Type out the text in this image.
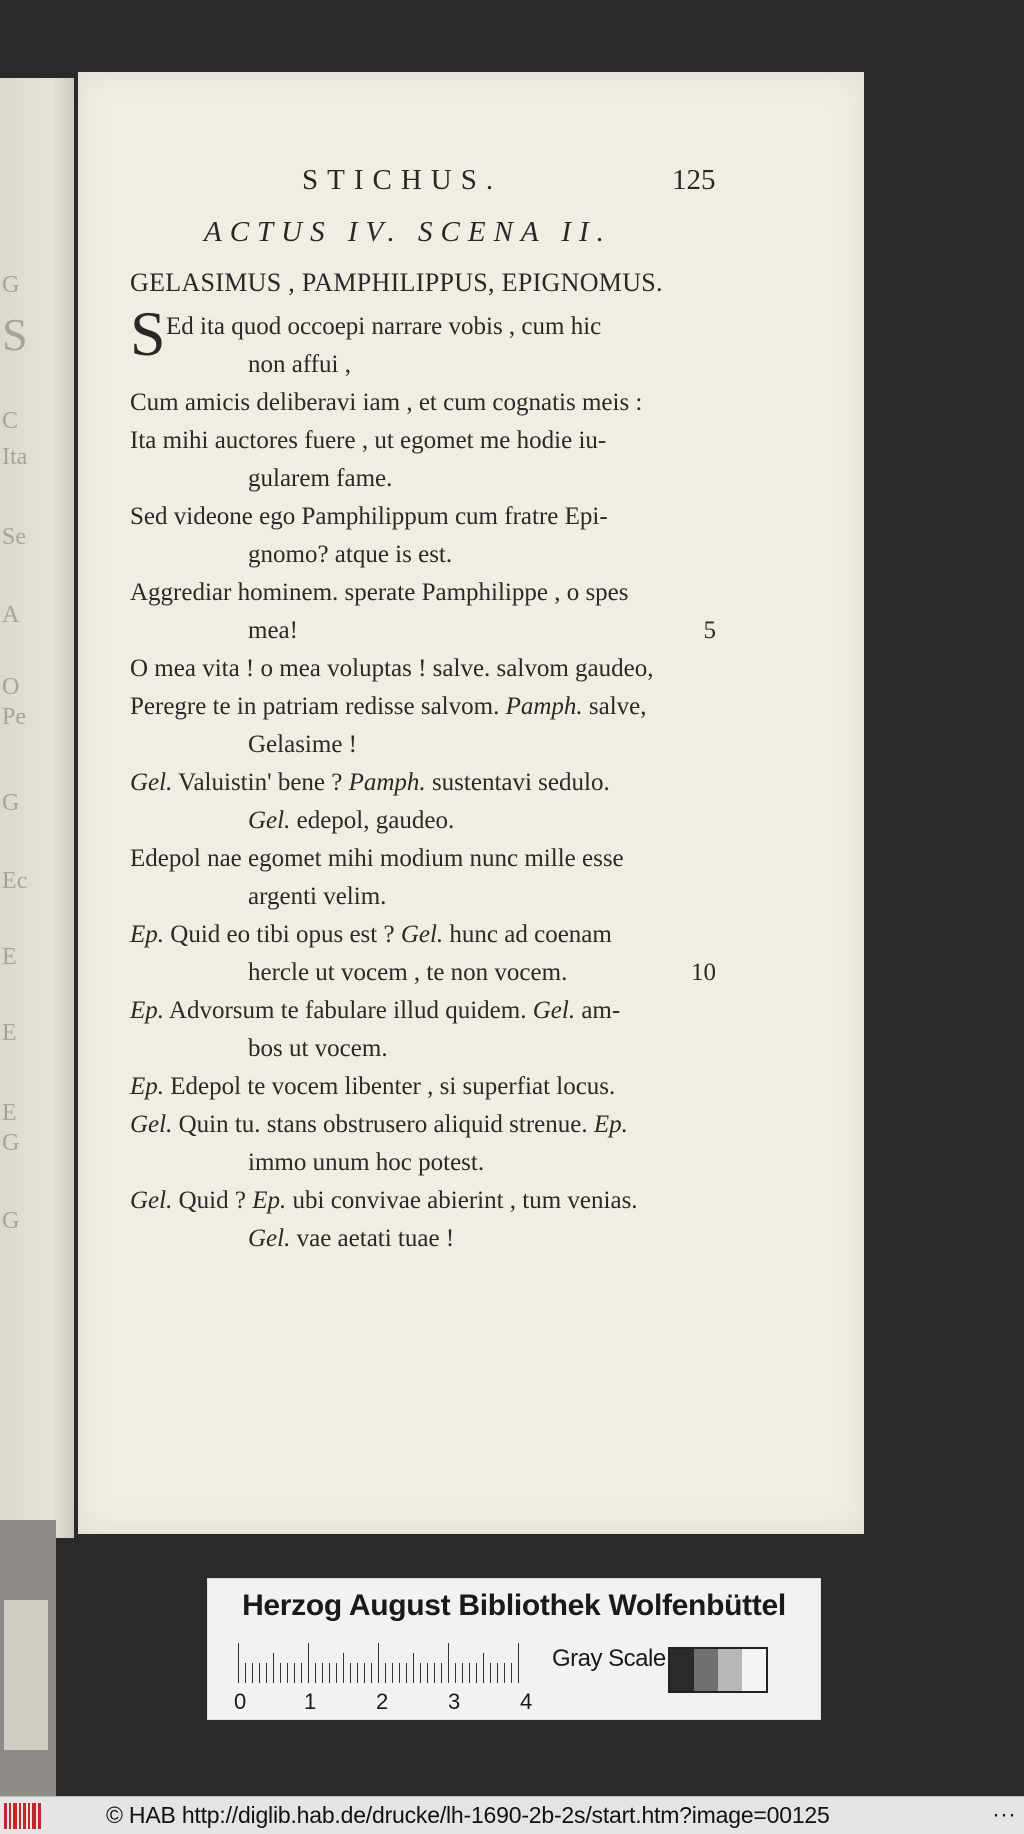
G
S
C
Ita
Se
A
O
Pe
G
Ec
E
E
E
G
G
STICHUS.	125
ACTUS IV. SCENA II.
GELASIMUS , PAMPHILIPPUS, EPIGNOMUS.
S Ed ita quod occoepi narrare vobis , cum hic
non affui ,
Cum amicis deliberavi iam , et cum cognatis meis :
Ita mihi auctores fuere , ut egomet me hodie iu-
gularem fame.
Sed videone ego Pamphilippum cum fratre Epi-
gnomo? atque is est.
Aggrediar hominem. sperate Pamphilippe , o spes
mea!	5
O mea vita ! o mea voluptas ! salve. salvom gaudeo,
Peregre te in patriam redisse salvom. Pamph. salve,
Gelasime !
Gel. Valuistin' bene ? Pamph. sustentavi sedulo.
Gel. edepol, gaudeo.
Edepol nae egomet mihi modium nunc mille esse
argenti velim.
Ep. Quid eo tibi opus est ? Gel. hunc ad coenam
hercle ut vocem , te non vocem.	10
Ep. Advorsum te fabulare illud quidem. Gel. am-
bos ut vocem.
Ep. Edepol te vocem libenter , si superfiat locus.
Gel. Quin tu. stans obstrusero aliquid strenue. Ep.
immo unum hoc potest.
Gel. Quid ? Ep. ubi convivae abierint , tum venias.
Gel. vae aetati tuae !
Herzog August Bibliothek Wolfenbüttel
0	1	2	3	4
Gray Scale
© HAB http://diglib.hab.de/drucke/lh-1690-2b-2s/start.htm?image=00125	···
